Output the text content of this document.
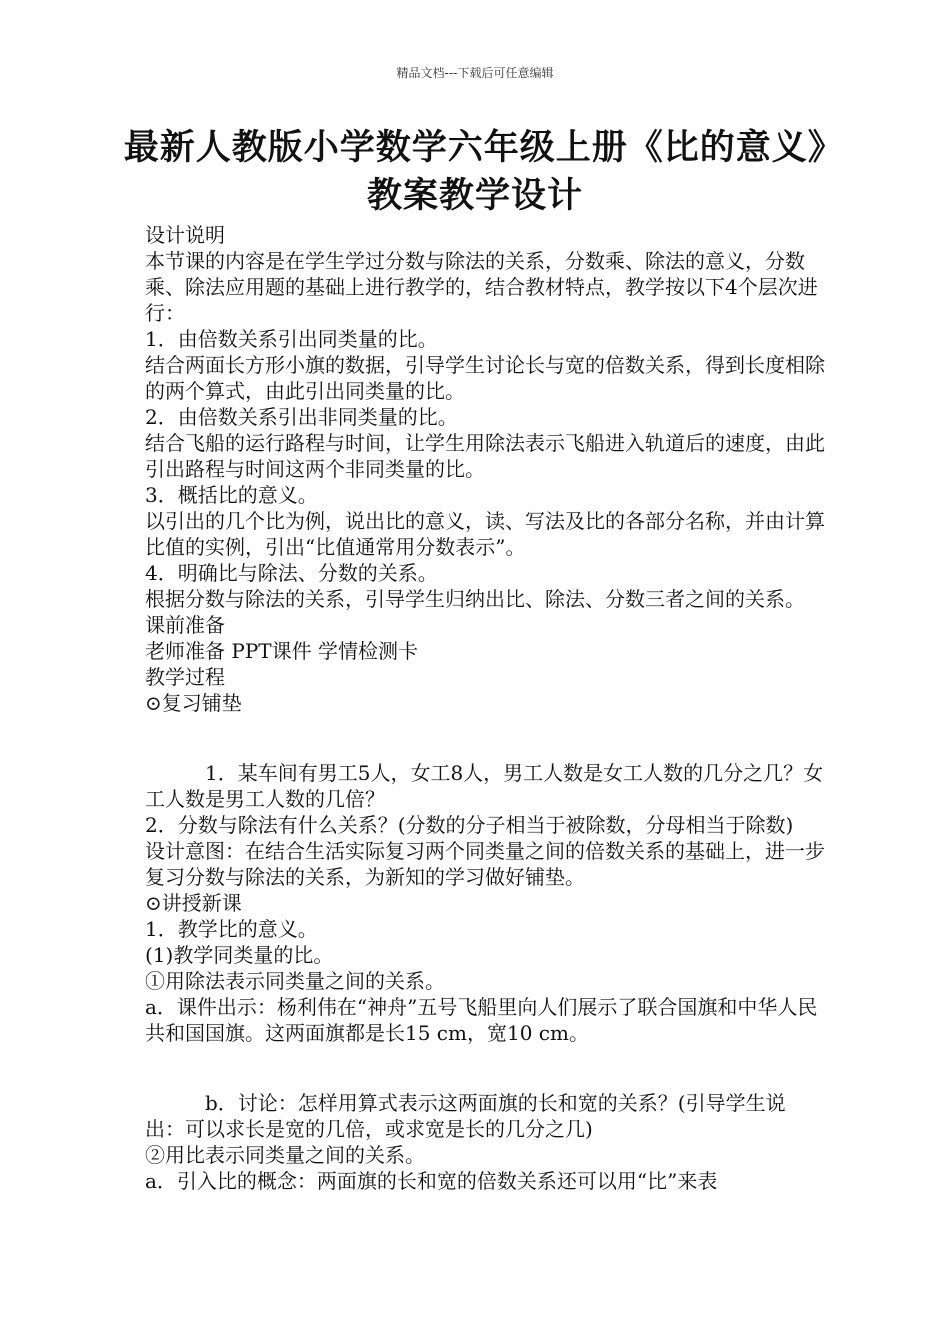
精品文档---下载后可任意编辑
最新人教版小学数学六年级上册《比的意义》教案教学设计

设计说明

本节课的内容是在学生学过分数与除法的关系，分数乘、除法的意义，分数乘、除法应用题的基础上进行教学的，结合教材特点，教学按以下4个层次进行：

1．由倍数关系引出同类量的比。

结合两面长方形小旗的数据，引导学生讨论长与宽的倍数关系，得到长度相除的两个算式，由此引出同类量的比。

2．由倍数关系引出非同类量的比。

结合飞船的运行路程与时间，让学生用除法表示飞船进入轨道后的速度，由此引出路程与时间这两个非同类量的比。

3．概括比的意义。

以引出的几个比为例，说出比的意义，读、写法及比的各部分名称，并由计算比值的实例，引出“比值通常用分数表示”。

4．明确比与除法、分数的关系。

根据分数与除法的关系，引导学生归纳出比、除法、分数三者之间的关系。

课前准备

老师准备 PPT课件 学情检测卡

教学过程

⊙复习铺垫

1．某车间有男工5人，女工8人，男工人数是女工人数的几分之几？女工人数是男工人数的几倍？

2．分数与除法有什么关系？(分数的分子相当于被除数，分母相当于除数)

设计意图：在结合生活实际复习两个同类量之间的倍数关系的基础上，进一步复习分数与除法的关系，为新知的学习做好铺垫。

⊙讲授新课

1．教学比的意义。

(1)教学同类量的比。

①用除法表示同类量之间的关系。

a．课件出示：杨利伟在“神舟”五号飞船里向人们展示了联合国旗和中华人民共和国国旗。这两面旗都是长15 cm，宽10 cm。

b．讨论：怎样用算式表示这两面旗的长和宽的关系？(引导学生说出：可以求长是宽的几倍，或求宽是长的几分之几)

②用比表示同类量之间的关系。

a．引入比的概念：两面旗的长和宽的倍数关系还可以用“比”来表
